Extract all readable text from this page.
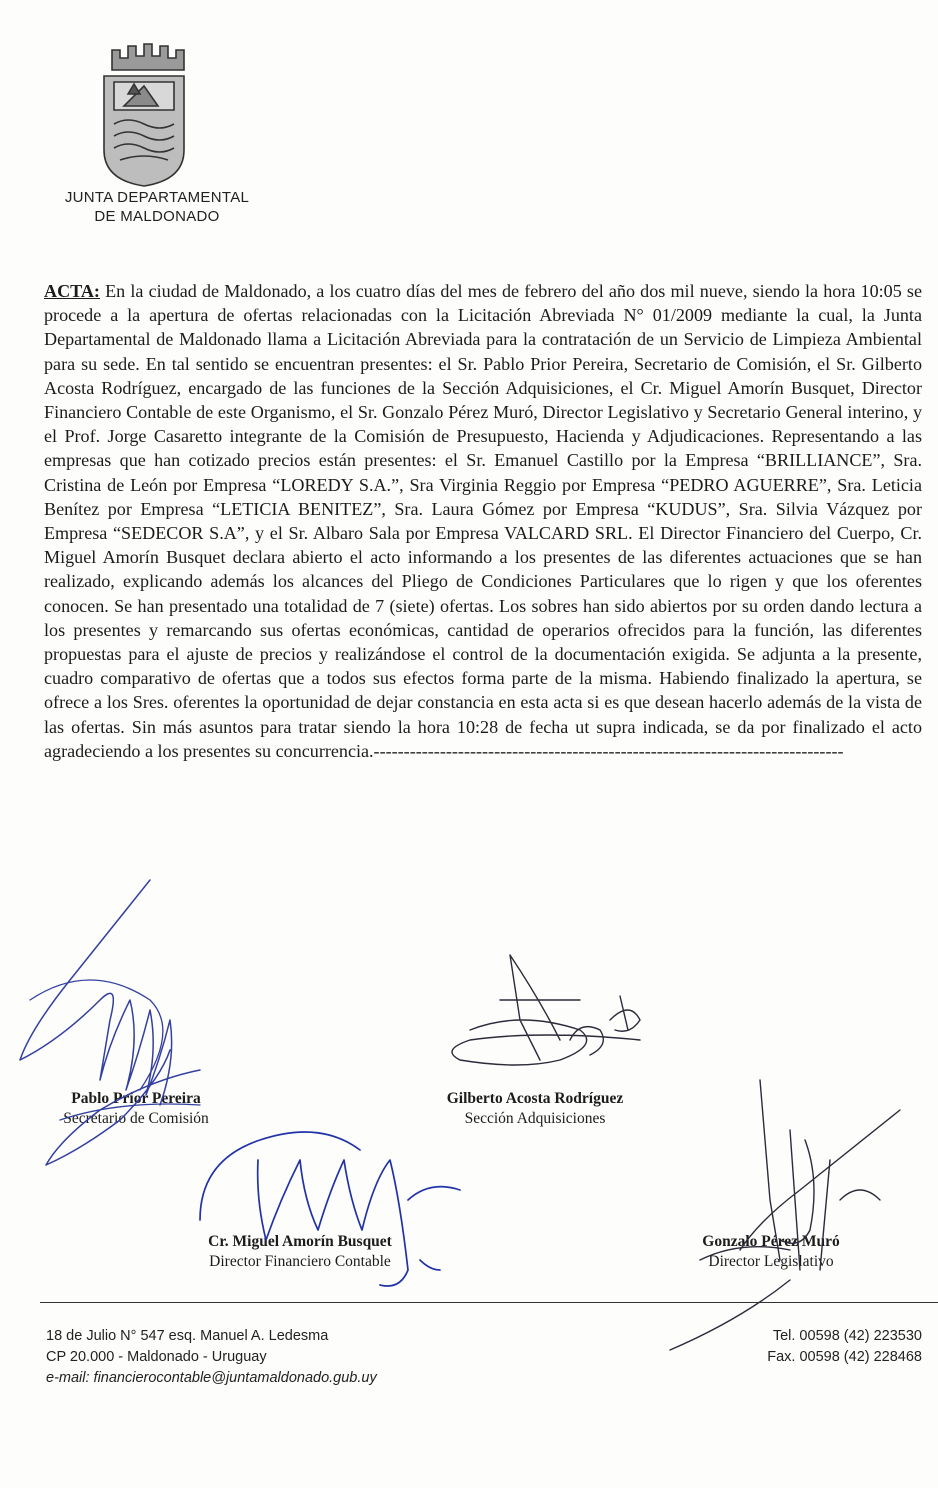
JUNTA DEPARTAMENTAL
DE MALDONADO
ACTA: En la ciudad de Maldonado, a los cuatro días del mes de febrero del año dos mil nueve, siendo la hora 10:05 se procede a la apertura de ofertas relacionadas con la Licitación Abreviada N° 01/2009 mediante la cual, la Junta Departamental de Maldonado llama a Licitación Abreviada para la contratación de un Servicio de Limpieza Ambiental para su sede. En tal sentido se encuentran presentes: el Sr. Pablo Prior Pereira, Secretario de Comisión, el Sr. Gilberto Acosta Rodríguez, encargado de las funciones de la Sección Adquisiciones, el Cr. Miguel Amorín Busquet, Director Financiero Contable de este Organismo, el Sr. Gonzalo Pérez Muró, Director Legislativo y Secretario General interino, y el Prof. Jorge Casaretto integrante de la Comisión de Presupuesto, Hacienda y Adjudicaciones. Representando a las empresas que han cotizado precios están presentes: el Sr. Emanuel Castillo por la Empresa “BRILLIANCE”, Sra. Cristina de León por Empresa “LOREDY S.A.”, Sra Virginia Reggio por Empresa “PEDRO AGUERRE”, Sra. Leticia Benítez por Empresa “LETICIA BENITEZ”, Sra. Laura Gómez por Empresa “KUDUS”, Sra. Silvia Vázquez por Empresa “SEDECOR S.A”, y el Sr. Albaro Sala por Empresa VALCARD SRL. El Director Financiero del Cuerpo, Cr. Miguel Amorín Busquet declara abierto el acto informando a los presentes de las diferentes actuaciones que se han realizado, explicando además los alcances del Pliego de Condiciones Particulares que lo rigen y que los oferentes conocen. Se han presentado una totalidad de 7 (siete) ofertas. Los sobres han sido abiertos por su orden dando lectura a los presentes y remarcando sus ofertas económicas, cantidad de operarios ofrecidos para la función, las diferentes propuestas para el ajuste de precios y realizándose el control de la documentación exigida. Se adjunta a la presente, cuadro comparativo de ofertas que a todos sus efectos forma parte de la misma. Habiendo finalizado la apertura, se ofrece a los Sres. oferentes la oportunidad de dejar constancia en esta acta si es que desean hacerlo además de la vista de las ofertas. Sin más asuntos para tratar siendo la hora 10:28 de fecha ut supra indicada, se da por finalizado el acto agradeciendo a los presentes su concurrencia.------------------------------------------------------------------------------
Pablo Prior Pereira
Secretario de Comisión
Gilberto Acosta Rodríguez
Sección Adquisiciones
Cr. Miguel Amorín Busquet
Director Financiero Contable
Gonzalo Pérez Muró
Director Legislativo
18 de Julio N° 547 esq. Manuel A. Ledesma
CP 20.000 - Maldonado - Uruguay
e-mail: financierocontable@juntamaldonado.gub.uy
Tel. 00598 (42) 223530
Fax. 00598 (42) 228468
